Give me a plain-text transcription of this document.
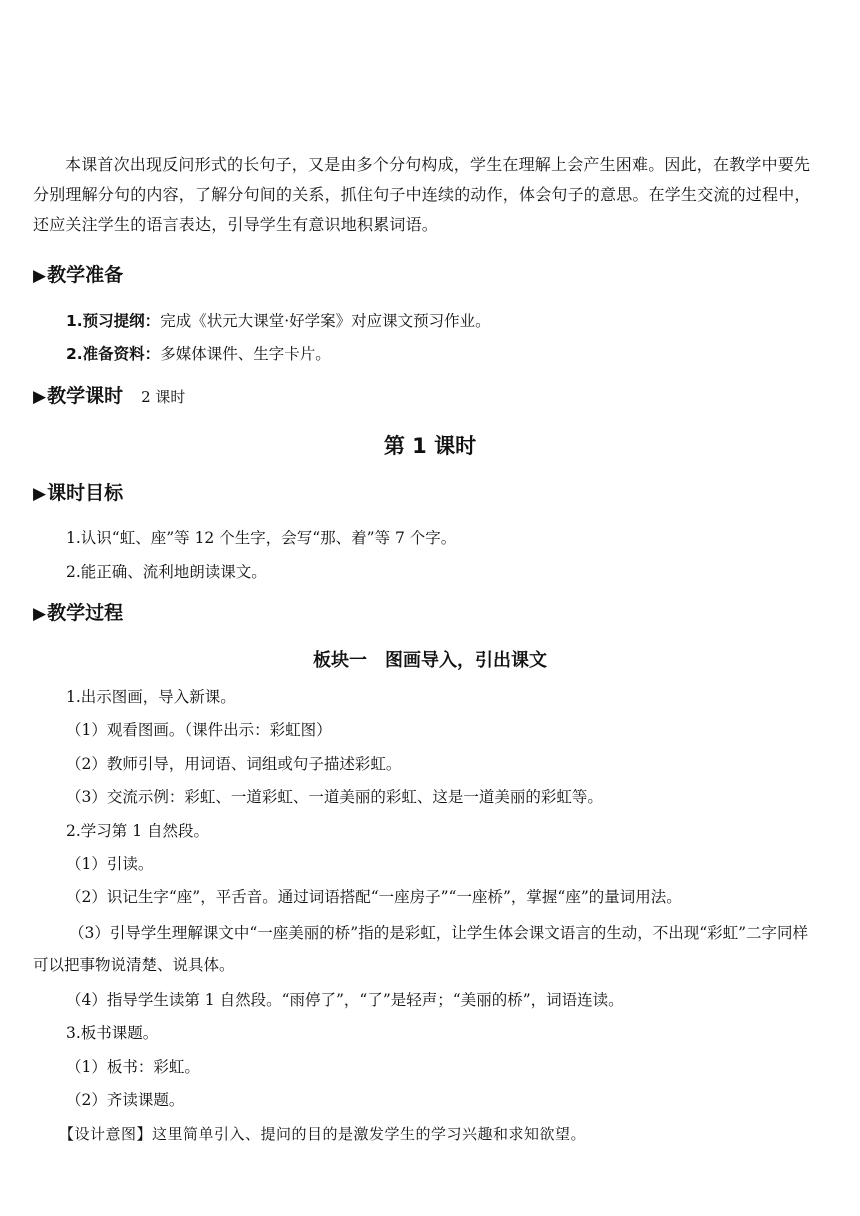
本课首次出现反问形式的长句子，又是由多个分句构成，学生在理解上会产生困难。因此，在教学中要先分别理解分句的内容，了解分句间的关系，抓住句子中连续的动作，体会句子的意思。在学生交流的过程中，还应关注学生的语言表达，引导学生有意识地积累词语。

▶教学准备

1.预习提纲：完成《状元大课堂·好学案》对应课文预习作业。

2.准备资料：多媒体课件、生字卡片。

▶教学课时 2 课时
第 1 课时
▶课时目标

1.认识“虹、座”等 12 个生字，会写“那、着”等 7 个字。

2.能正确、流利地朗读课文。

▶教学过程
板块一　图画导入，引出课文

1.出示图画，导入新课。

（1）观看图画。（课件出示：彩虹图）

（2）教师引导，用词语、词组或句子描述彩虹。

（3）交流示例：彩虹、一道彩虹、一道美丽的彩虹、这是一道美丽的彩虹等。

2.学习第 1 自然段。

（1）引读。

（2）识记生字“座”，平舌音。通过词语搭配“一座房子”“一座桥”，掌握“座”的量词用法。

（3）引导学生理解课文中“一座美丽的桥”指的是彩虹，让学生体会课文语言的生动，不出现“彩虹”二字同样可以把事物说清楚、说具体。

（4）指导学生读第 1 自然段。“雨停了”，“了”是轻声；“美丽的桥”，词语连读。

3.板书课题。

（1）板书：彩虹。

（2）齐读课题。

【设计意图】这里简单引入、提问的目的是激发学生的学习兴趣和求知欲望。
